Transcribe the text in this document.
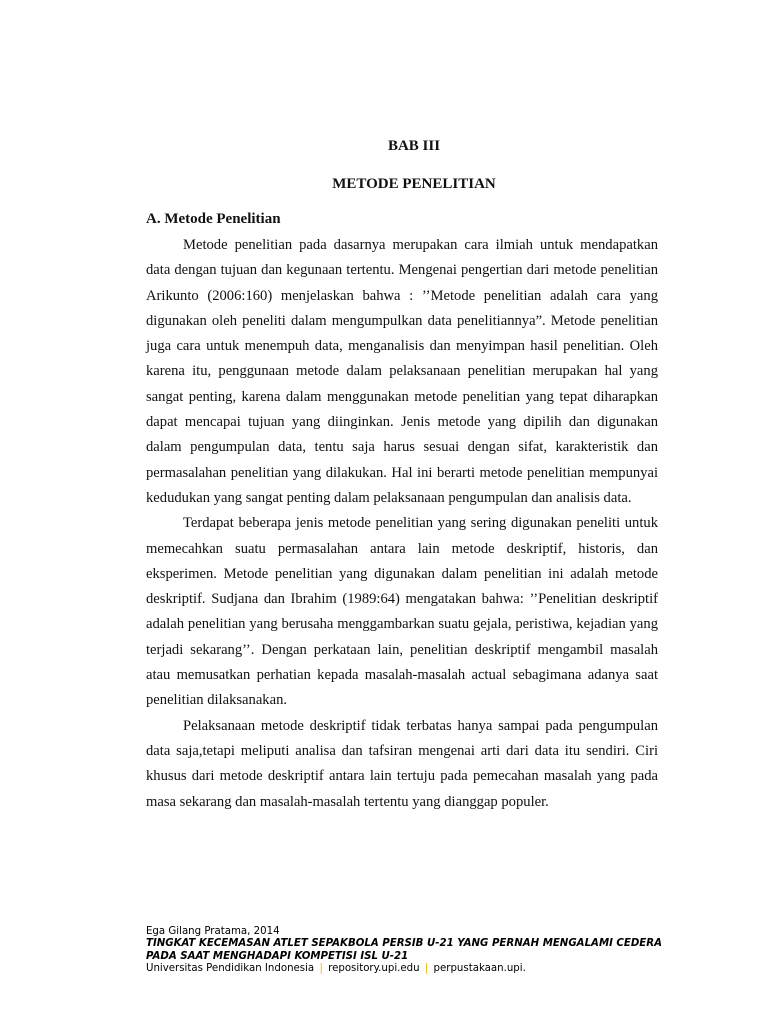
BAB III
METODE PENELITIAN
A. Metode Penelitian

Metode penelitian pada dasarnya merupakan cara ilmiah untuk mendapatkan data dengan tujuan dan kegunaan tertentu. Mengenai pengertian dari metode penelitian Arikunto (2006:160) menjelaskan bahwa : ’’Metode penelitian adalah cara yang digunakan oleh peneliti dalam mengumpulkan data penelitiannya”. Metode penelitian juga cara untuk menempuh data, menganalisis dan menyimpan hasil penelitian. Oleh karena itu, penggunaan metode dalam pelaksanaan penelitian merupakan hal yang sangat penting, karena dalam menggunakan metode penelitian yang tepat diharapkan dapat mencapai tujuan yang diinginkan. Jenis metode yang dipilih dan digunakan dalam pengumpulan data, tentu saja harus sesuai dengan sifat, karakteristik dan permasalahan penelitian yang dilakukan. Hal ini berarti metode penelitian mempunyai kedudukan yang sangat penting dalam pelaksanaan pengumpulan dan analisis data.

Terdapat beberapa jenis metode penelitian yang sering digunakan peneliti untuk memecahkan suatu permasalahan antara lain metode deskriptif, historis, dan eksperimen. Metode penelitian yang digunakan dalam penelitian ini adalah metode deskriptif. Sudjana dan Ibrahim (1989:64) mengatakan bahwa: ’’Penelitian deskriptif adalah penelitian yang berusaha menggambarkan suatu gejala, peristiwa, kejadian yang terjadi sekarang’’. Dengan perkataan lain, penelitian deskriptif mengambil masalah atau memusatkan perhatian kepada masalah-masalah actual sebagimana adanya saat penelitian dilaksanakan.

Pelaksanaan metode deskriptif tidak terbatas hanya sampai pada pengumpulan data saja,tetapi meliputi analisa dan tafsiran mengenai arti dari data itu sendiri. Ciri khusus dari metode deskriptif antara lain tertuju pada pemecahan masalah yang pada masa sekarang dan masalah-masalah tertentu yang dianggap populer.

Ega Gilang Pratama, 2014
TINGKAT KECEMASAN ATLET SEPAKBOLA PERSIB U-21 YANG PERNAH MENGALAMI CEDERA PADA SAAT MENGHADAPI KOMPETISI ISL U-21
Universitas Pendidikan Indonesia | repository.upi.edu | perpustakaan.upi.
